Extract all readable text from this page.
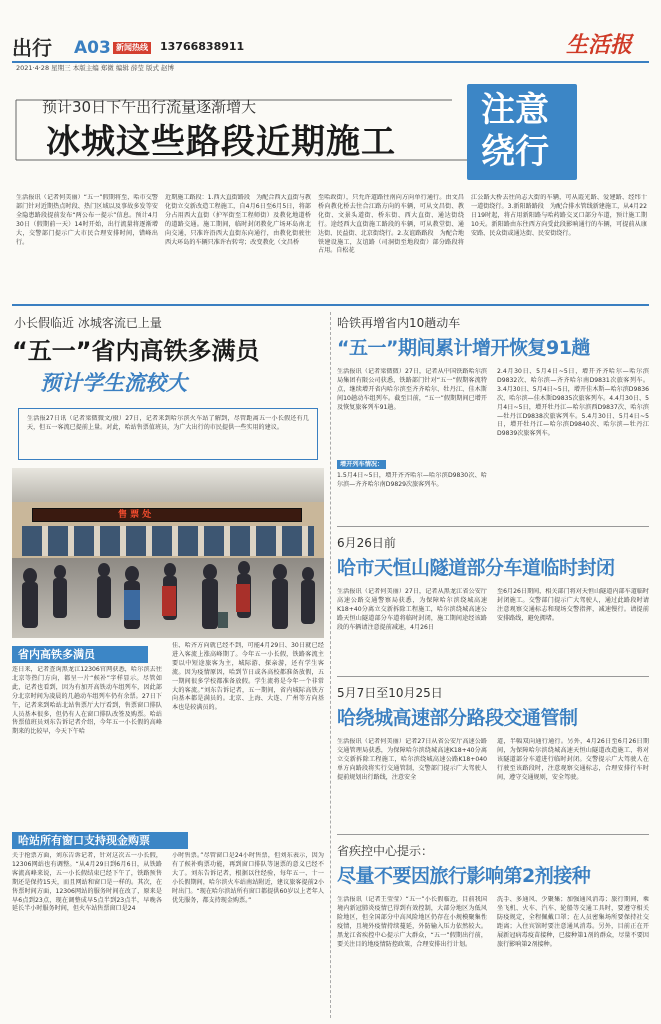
出行 A03 新闻热线 13766838911	生活报
2021·4·28 星期三 本版主编 郑微 编辑 薛莹 版式 赵博
预计30日下午出行流量逐渐增大
冰城这些路段近期施工
注意
绕行

生活报讯（记者何美丽）“五一”假期将至，哈市交警部门针对近期热点时段、热门区域以及事故多发等安全隐患路段提前发布“两公布一提示”信息。预计4月30日（假期前一天）14时开始，出行流量将逐渐增大，交警部门提示广大市民合理安排时间，错峰出行。

近期施工路段：1.西大直街路段　为配合西大直街与教化街立交新改造工程施工，自4月6日至6月5日，将部分占用西大直街（护军街至工程师街）及教化地道桥的道路交通。施工期间，临时封闭教化广场环岛南北向交通，只准许沿西大直街东向通行，由教化街驶往西大环岛的车辆只准许右转弯；改变教化（文昌桥

至哈政街），只允许道路往南向方向单行通行。由文昌桥向教化桥去往合江路方向的车辆，可从文昌街、教化街、文景头道街、桥东街、西大直街、通达街绕行。途经西大直街施工路段的车辆，可从教堂街、通达街、民益街、北京街绕行。2.友谊路路段　为配合地铁建设施工，友谊路（司洞街至地段街）部分路段将占用。自松花

江公路大桥去往尚志大街的车辆，可从霞光路、爱建路、经纬十一道街绕行。3.新阳路路段　为配合排水管线新建施工，从4月22日19时起，将占用新阳路与哈药路交叉口部分车道，预计施工期10天。新阳路由东往西方向受此段影响通行的车辆，可提前从康安路、民众街或通达街、民安街绕行。

小长假临近 冰城客流已上量
“五一”省内高铁多满员
预计学生流较大

生活报27日讯（记者梁微微文/摄）27日，记者来到哈尔滨火车站了解到，尽管距离五一小长假还有几天，但五一客流已提前上量。对此，哈站售票值班员，为广大出行的市民提供一些实用的建议。

售 票 处
省内高铁多满员

连日来，记者查询黑龙江12306官网获悉，哈尔滨去往北京等热门方向，都呈一片“候补”字样显示。尽管如此，记者也看到，因为有加开高铁动车组列车，因此部分北京时间为凌晨的几趟动车组列车仍有余票。27日下午，记者来到哈站北站售票厅大厅看到，售票窗口排队人员基本很多，但仍有人在窗口排队改签及购票。哈站售票值班员刘东告诉记者介绍，今年五一小长假的高峰期来的比较早，今天下午哈

佳、哈齐方向就已经不到，可能4月29日、30日就已经进入客流上涨高峰期了。今年五一小长假，铁路客流主要以中短途旅客为主，城际游、探亲游，还有学生客流。因为疫情原因，哈到节日或各高校都准备放假，五一期间很多学校都准备放假。学生流将是今年一个非常大的客流。”刘东告诉记者，五一期间，省内城际高铁方向基本都是满员的。北京、上海、大连、广州等方向基本也是较满员的。

哈站所有窗口支持现金购票

关于抢票方面，刘东告诉记者，针对这次五一小长假，12306网站也有调整。“从4月29日到6月6日，从铁路客流高峰来说，五一小长假结束已经下午了，铁路预售期还是保持15天，而且网站和窗口是一样的。其次，在售票时间方面，12306网站的服务时间在改了，原来是早6点到23点，现在调整成早5点半到23点半，早晚各延长半小时服务时间，但火车站售票窗口是24

小时售票。”尽管窗口是24小时售票，但刘东表示，因为有了候补购票功能，再到窗口排队等退票的意义已经不大了。刘东告诉记者，根据以往经验，每年五一、十一小长假期间，哈尔滨火车站南站附近，建议旅客提前2小时出门。“现在哈尔滨站所有窗口都提供60岁以上老年人优先服务，都支持现金购票。”

哈铁再增省内10趟动车
“五一”期间累计增开恢复91趟

生活报讯（记者梁微微）27日，记者从中国铁路哈尔滨局集团有限公司获悉，铁路部门针对“五一”假期客流特点，继续增开省内哈尔滨至齐齐哈尔、牡丹江、佳木斯间10趟动车组列车。截至目前，“五一”假期期间已增开及恢复旅客列车91趟。

增开列车情况：

1.5月4日~5日，增开齐齐哈尔—哈尔滨D9830次、哈尔滨—齐齐哈尔南D9829次旅客列车。

2.4月30日、5月4日~5日，增开齐齐哈尔—哈尔滨D9832次、哈尔滨—齐齐哈尔南D9831次旅客列车。3.4月30日、5月4日~5日，增开佳木斯—哈尔滨D9836次、哈尔滨—佳木斯D9835次旅客列车。4.4月30日、5月4日~5日，增开牡丹江—哈尔滨西D9837次、哈尔滨—牡丹江D9838次旅客列车。5.4月30日、5月4日~5日，增开牡丹江—哈尔滨D9840次、哈尔滨—牡丹江D9839次旅客列车。

6月26日前
哈市天恒山隧道部分车道临时封闭

生活报讯（记者何美丽）27日，记者从黑龙江省公安厅高速公路交通警察局获悉，为保障哈尔滨绕城高速K18+40分离立交新拆除工程施工，哈尔滨绕城高速公路天恒山隧道部分车道将临时封闭，施工期间途经该路段的车辆请注意提前减速，4月26日

至6月26日期间，相关部门将对天恒山隧道内部车道临时封闭施工。交警部门提示广大驾驶人，通过此路段时请注意观察交通标志和现场交警指挥，减速慢行。请提前安排路线，避免拥堵。

5月7日至10月25日
哈绕城高速部分路段交通管制

生活报讯（记者何美丽）记者27日从省公安厅高速公路交通管理局获悉，为保障哈尔滨绕城高速K18+40分离立交新拆除工程施工，哈尔滨绕城高速公路K18+040单方向路段将实行交通管制，交警部门提示广大驾驶人提前规划出行路线，注意安全

道，半幅双向通行通行。另外，4月26日至6月26日期间，为保障哈尔滨绕城高速天恒山隧道改造施工，将对该隧道部分车道进行临时封闭。交警提示广大驾驶人在行驶至该路段时，注意观察交通标志，合理安排行车时间，遵守交通规则，安全驾驶。

省疾控中心提示：
尽量不要因旅行影响第2剂接种

生活报讯（记者王莹莹）“五一”小长假临近，目前我国境内新冠肺炎疫情已得到有效控制，大部分地区为低风险地区，但全国部分中高风险地区仍存在小规模聚集性疫情，且境外疫情持续蔓延，外防输入压力依然较大。黑龙江省疾控中心提示广大群众，“五一”假期出行前，要关注目的地疫情防控政策，合理安排出行计划。

洗手、多通风、少聚集；加强通风消毒；旅行期间，乘坐飞机、火车、汽车、轮船等交通工具时，要遵守相关防疫规定，全程佩戴口罩；在人员密集场所要保持社交距离；入住宾馆时要注意通风消毒。另外，目前正在开展新冠病毒疫苗接种，已接种第1剂的群众，尽量不要因旅行影响第2剂接种。
